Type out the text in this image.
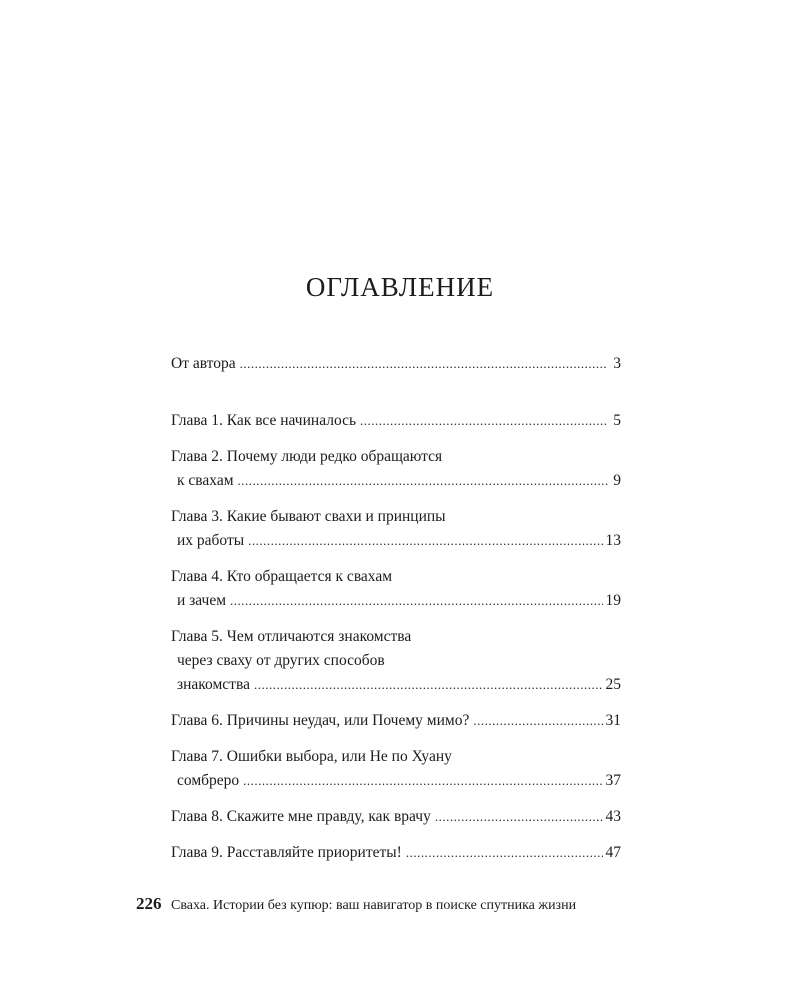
ОГЛАВЛЕНИЕ
От автора .....	3
Глава 1. Как все начиналось .....	5
Глава 2. Почему люди редко обращаются
к свахам .....	9
Глава 3. Какие бывают свахи и принципы
их работы .....	13
Глава 4. Кто обращается к свахам
и зачем .....	19
Глава 5. Чем отличаются знакомства
через сваху от других способов
знакомства .....	25
Глава 6. Причины неудач, или Почему мимо? .....	31
Глава 7. Ошибки выбора, или Не по Хуану
сомбреро .....	37
Глава 8. Скажите мне правду, как врачу .....	43
Глава 9. Расставляйте приоритеты! .....	47
226 Сваха. Истории без купюр: ваш навигатор в поиске спутника жизни
